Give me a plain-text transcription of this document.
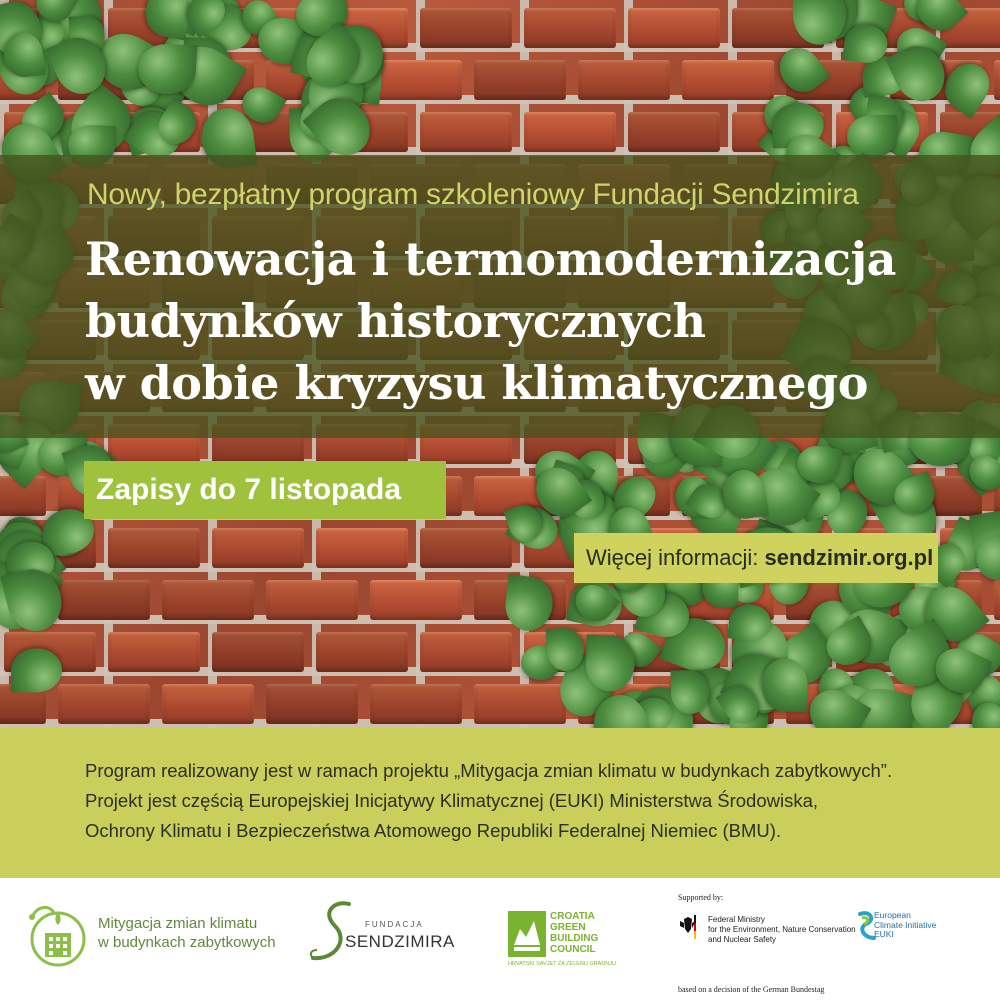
Nowy, bezpłatny program szkoleniowy Fundacji Sendzimira
Renowacja i termomodernizacja
budynków historycznych
w dobie kryzysu klimatycznego
Zapisy do 7 listopada
Więcej informacji: sendzimir.org.pl
Program realizowany jest w ramach projektu „Mitygacja zmian klimatu w budynkach zabytkowych”.
Projekt jest częścią Europejskiej Inicjatywy Klimatycznej (EUKI) Ministerstwa Środowiska,
Ochrony Klimatu i Bezpieczeństwa Atomowego Republiki Federalnej Niemiec (BMU).
Mitygacja zmian klimatu
w budynkach zabytkowych
FUNDACJA
SENDZIMIRA
CROATIA
GREEN
BUILDING
COUNCIL
HRVATSKI SAVJET ZA ZELENU GRADNJU
Supported by:
Federal Ministry
for the Environment, Nature Conservation
and Nuclear Safety
based on a decision of the German Bundestag
European
Climate Initiative
EUKI
